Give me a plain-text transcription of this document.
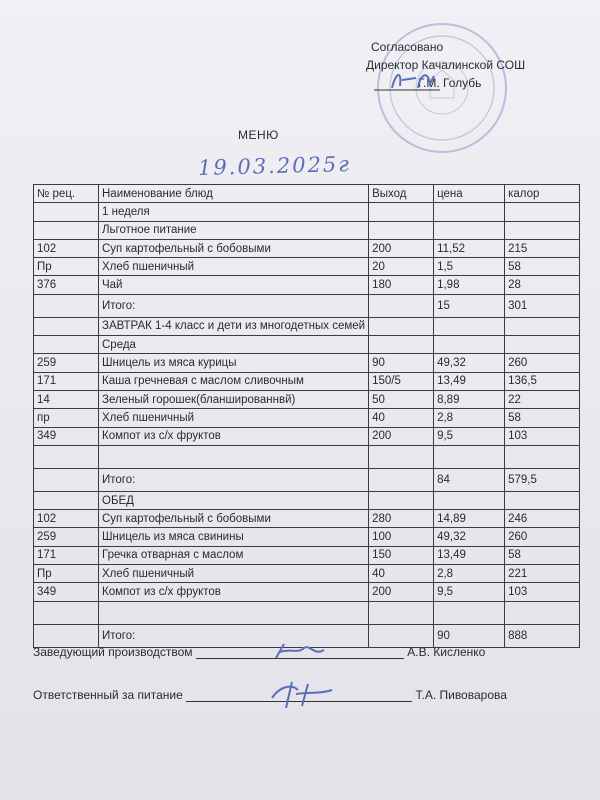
Согласовано
Директор Качалинской СОШ
Г.М. Голубь
МЕНЮ
19.03.2025г
№ рец.	Наименование блюд	Выход	цена	калор
	1 неделя			
	Льготное питание			
102	Суп картофельный с бобовыми	200	11,52	215
Пр	Хлеб пшеничный	20	1,5	58
376	Чай	180	1,98	28
	Итого:		15	301
	ЗАВТРАК 1-4 класс и дети из многодетных семей			
	Среда			
259	Шницель из мяса курицы	90	49,32	260
171	Каша гречневая с маслом сливочным	150/5	13,49	136,5
14	Зеленый горошек(бланшированнвй)	50	8,89	22
пр	Хлеб пшеничный	40	2,8	58
349	Компот из с/х фруктов	200	9,5	103

	Итого:		84	579,5
	ОБЕД			
102	Суп картофельный с бобовыми	280	14,89	246
259	Шницель из мяса свинины	100	49,32	260
171	Гречка отварная с маслом	150	13,49	58
Пр	Хлеб пшеничный	40	2,8	221
349	Компот из с/х фруктов	200	9,5	103

	Итого:		90	888
Заведующий производством	А.В. Кисленко
Ответственный за питание	Т.А. Пивоварова
